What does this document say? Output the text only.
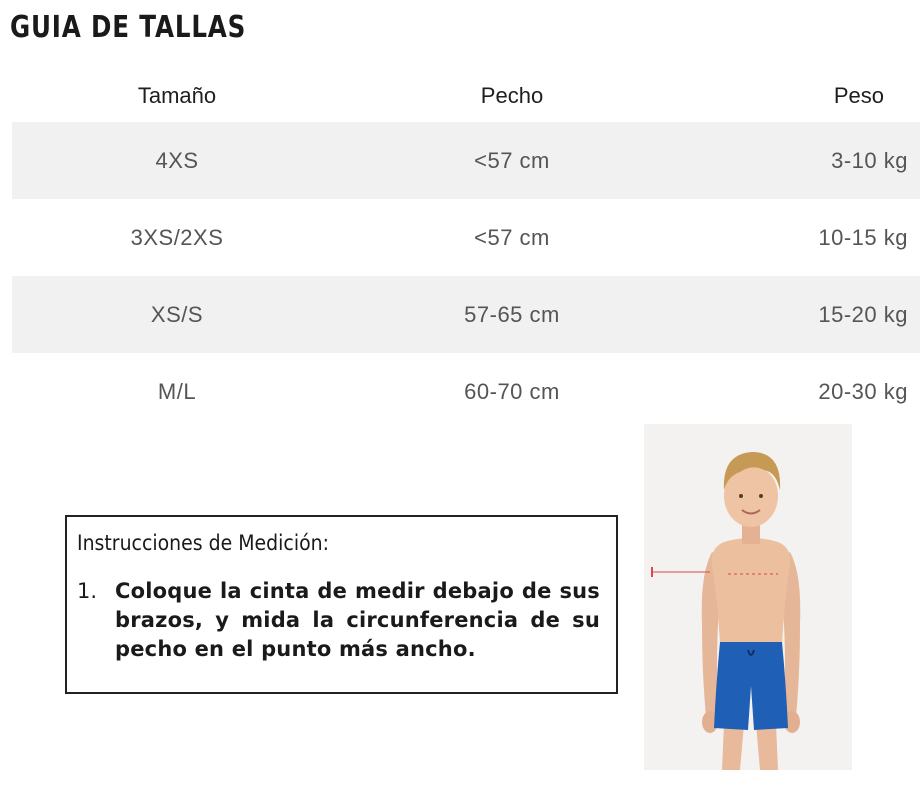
GUIA DE TALLAS
Tamaño	Pecho	Peso
4XS	<57 cm	3-10 kg
3XS/2XS	<57 cm	10-15 kg
XS/S	57-65 cm	15-20 kg
M/L	60-70 cm	20-30 kg

Instrucciones de Medición:

1. Coloque la cinta de medir debajo de sus brazos, y mida la circunferencia de su pecho en el punto más ancho.
